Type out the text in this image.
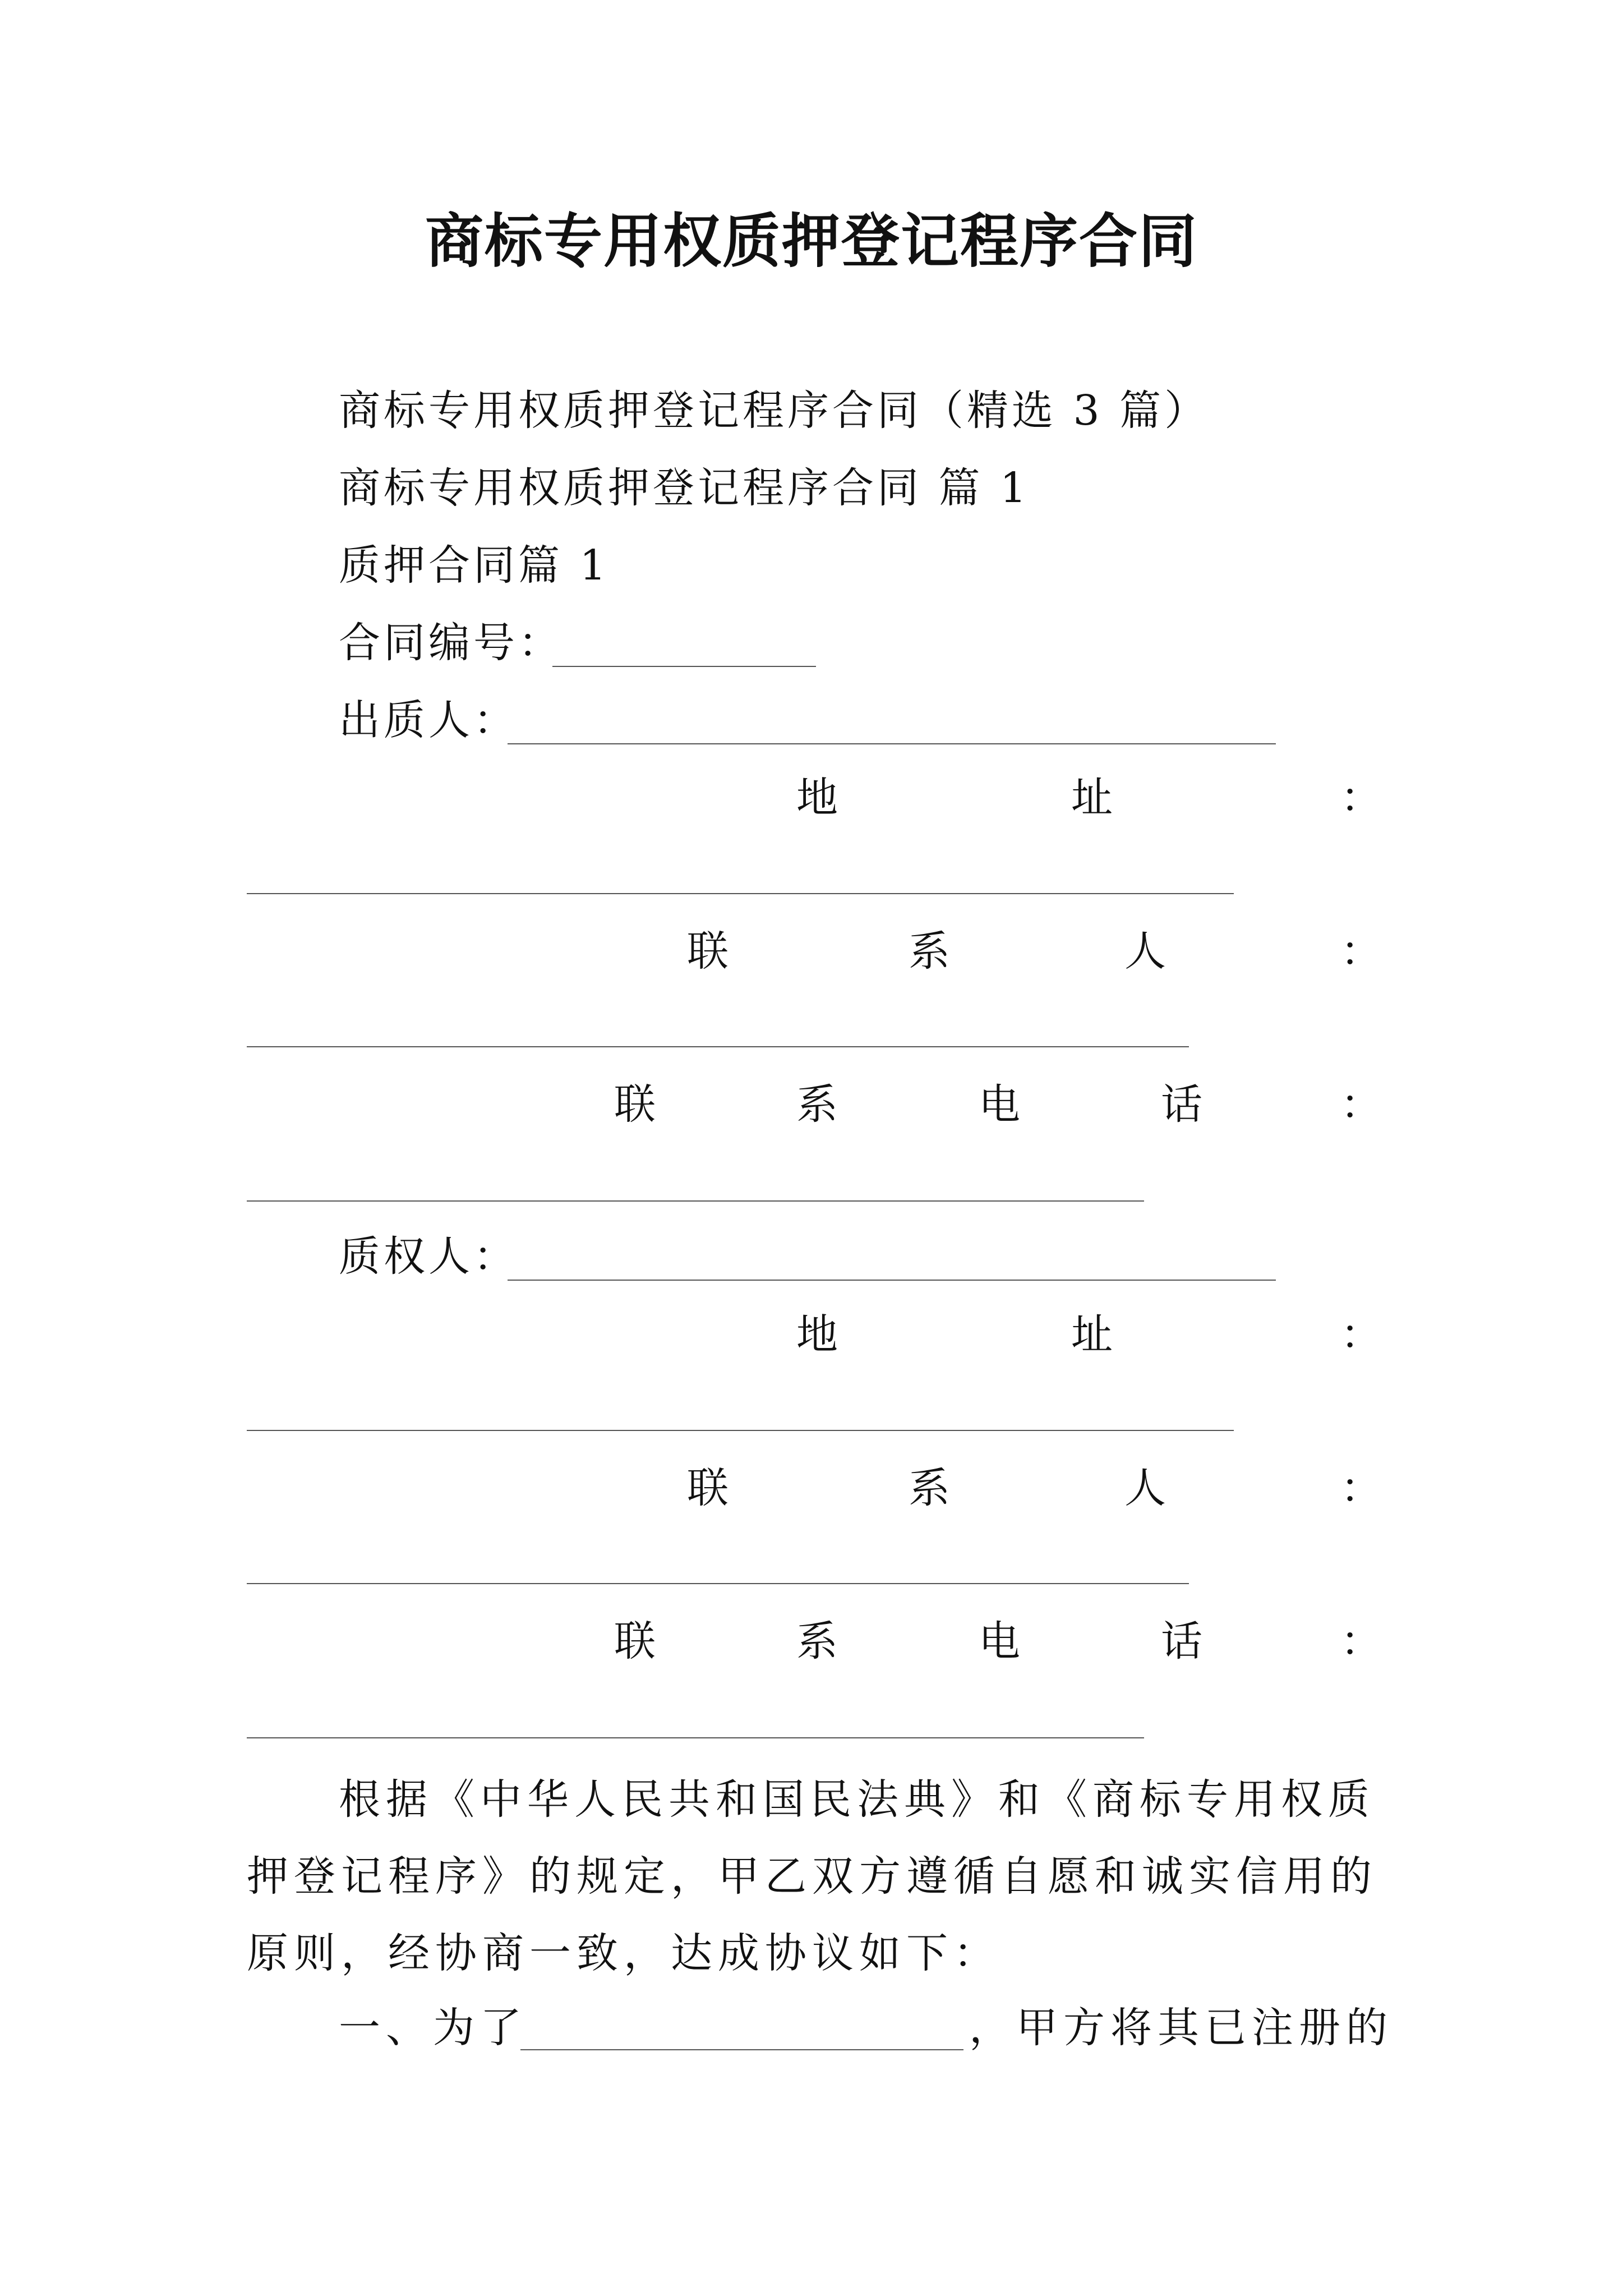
商标专用权质押登记程序合同
商标专用权质押登记程序合同（精选 3 篇）
商标专用权质押登记程序合同 篇 1
质押合同篇 1
合同编号：
出质人：
地	址	：
联	系	人	：
联	系	电	话	：
质权人：
地	址	：
联	系	人	：
联	系	电	话	：

根据《中华人民共和国民法典》和《商标专用权质押登记程序》的规定，甲乙双方遵循自愿和诚实信用的原则，经协商一致，达成协议如下：

一、为了	，甲方将其已注册的
